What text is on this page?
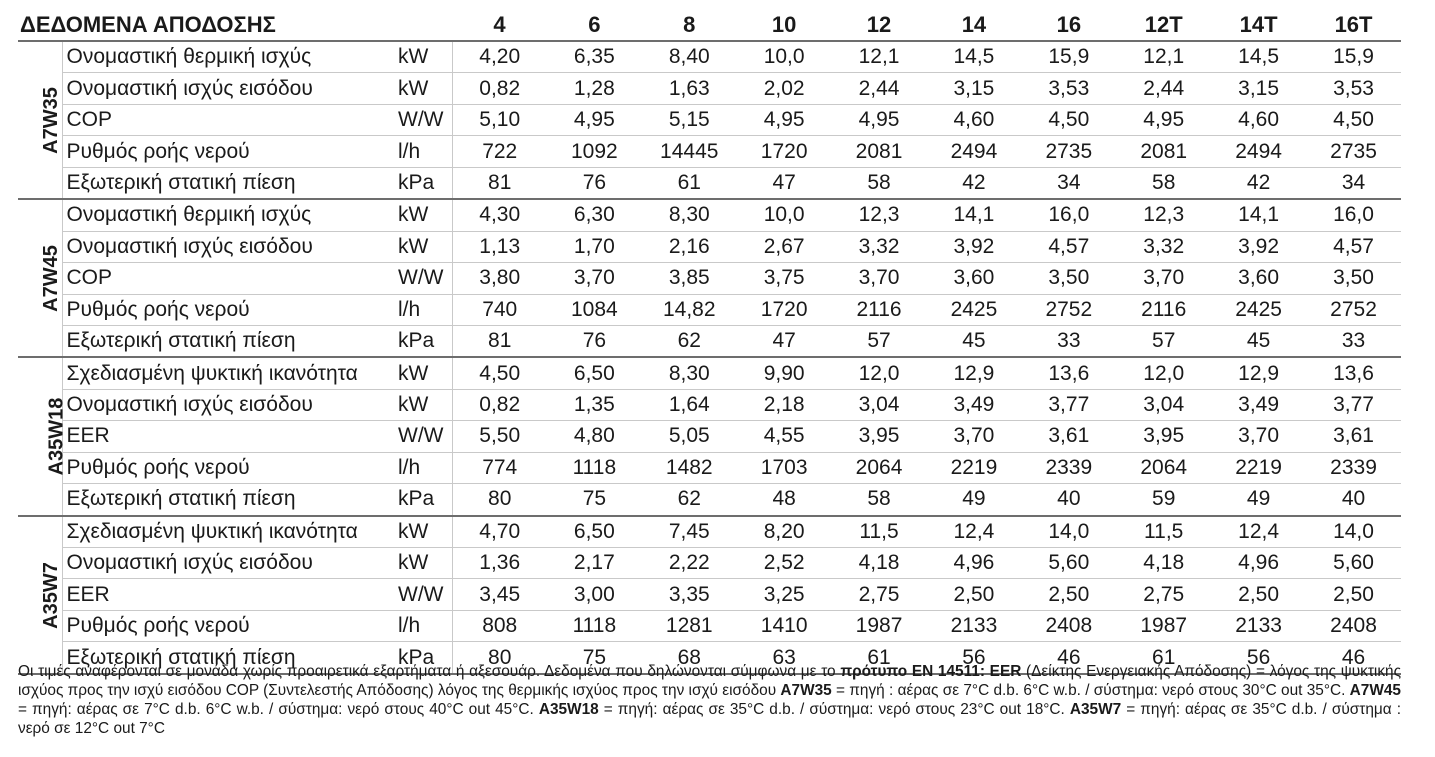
ΔΕΔΟΜΕΝΑ ΑΠΟΔΟΣΗΣ			4	6	8	10	12	14	16	12T	14T	16T
A7W35	Ονομαστική θερμική ισχύς	kW	4,20	6,35	8,40	10,0	12,1	14,5	15,9	12,1	14,5	15,9
	Ονομαστική ισχύς εισόδου	kW	0,82	1,28	1,63	2,02	2,44	3,15	3,53	2,44	3,15	3,53
	COP	W/W	5,10	4,95	5,15	4,95	4,95	4,60	4,50	4,95	4,60	4,50
	Ρυθμός ροής νερού	l/h	722	1092	14445	1720	2081	2494	2735	2081	2494	2735
	Εξωτερική στατική πίεση	kPa	81	76	61	47	58	42	34	58	42	34
A7W45	Ονομαστική θερμική ισχύς	kW	4,30	6,30	8,30	10,0	12,3	14,1	16,0	12,3	14,1	16,0
	Ονομαστική ισχύς εισόδου	kW	1,13	1,70	2,16	2,67	3,32	3,92	4,57	3,32	3,92	4,57
	COP	W/W	3,80	3,70	3,85	3,75	3,70	3,60	3,50	3,70	3,60	3,50
	Ρυθμός ροής νερού	l/h	740	1084	14,82	1720	2116	2425	2752	2116	2425	2752
	Εξωτερική στατική πίεση	kPa	81	76	62	47	57	45	33	57	45	33
A35W18	Σχεδιασμένη ψυκτική ικανότητα	kW	4,50	6,50	8,30	9,90	12,0	12,9	13,6	12,0	12,9	13,6
	Ονομαστική ισχύς εισόδου	kW	0,82	1,35	1,64	2,18	3,04	3,49	3,77	3,04	3,49	3,77
	EER	W/W	5,50	4,80	5,05	4,55	3,95	3,70	3,61	3,95	3,70	3,61
	Ρυθμός ροής νερού	l/h	774	1118	1482	1703	2064	2219	2339	2064	2219	2339
	Εξωτερική στατική πίεση	kPa	80	75	62	48	58	49	40	59	49	40
A35W7	Σχεδιασμένη ψυκτική ικανότητα	kW	4,70	6,50	7,45	8,20	11,5	12,4	14,0	11,5	12,4	14,0
	Ονομαστική ισχύς εισόδου	kW	1,36	2,17	2,22	2,52	4,18	4,96	5,60	4,18	4,96	5,60
	EER	W/W	3,45	3,00	3,35	3,25	2,75	2,50	2,50	2,75	2,50	2,50
	Ρυθμός ροής νερού	l/h	808	1118	1281	1410	1987	2133	2408	1987	2133	2408
	Εξωτερική στατική πίεση	kPa	80	75	68	63	61	56	46	61	56	46
Οι τιμές αναφέρονται σε μονάδα χωρίς προαιρετικά εξαρτήματα ή αξεσουάρ. Δεδομένα που δηλώνονται σύμφωνα με το πρότυπο EN 14511: EER (Δείκτης Ενεργειακής Απόδοσης) = λόγος της ψυκτικής ισχύος προς την ισχύ εισόδου COP (Συντελεστής Απόδοσης) λόγος της θερμικής ισχύος προς την ισχύ εισόδου A7W35 = πηγή : αέρας σε 7°C d.b. 6°C w.b. / σύστημα: νερό στους 30°C out 35°C. A7W45 = πηγή: αέρας σε 7°C d.b. 6°C w.b. / σύστημα: νερό στους 40°C out 45°C. A35W18 = πηγή: αέρας σε 35°C d.b. / σύστημα: νερό στους 23°C out 18°C. A35W7 = πηγή: αέρας σε 35°C d.b. / σύστημα : νερό σε 12°C out 7°C
